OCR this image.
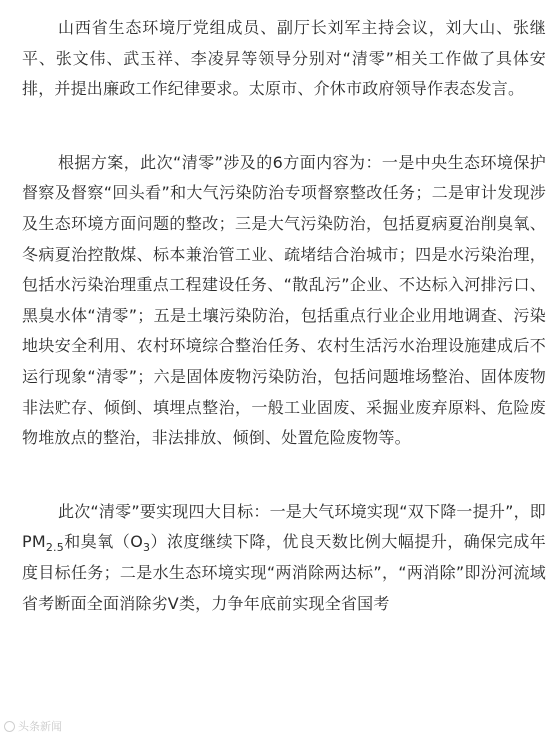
山西省生态环境厅党组成员、副厅长刘军主持会议，刘大山、张继平、张文伟、武玉祥、李凌昇等领导分别对“清零”相关工作做了具体安排，并提出廉政工作纪律要求。太原市、介休市政府领导作表态发言。

根据方案，此次“清零”涉及的6方面内容为：一是中央生态环境保护督察及督察“回头看”和大气污染防治专项督察整改任务；二是审计发现涉及生态环境方面问题的整改；三是大气污染防治，包括夏病夏治削臭氧、冬病夏治控散煤、标本兼治管工业、疏堵结合治城市；四是水污染治理，包括水污染治理重点工程建设任务、“散乱污”企业、不达标入河排污口、黑臭水体“清零”；五是土壤污染防治，包括重点行业企业用地调查、污染地块安全利用、农村环境综合整治任务、农村生活污水治理设施建成后不运行现象“清零”；六是固体废物污染防治，包括问题堆场整治、固体废物非法贮存、倾倒、填埋点整治，一般工业固废、采掘业废弃原料、危险废物堆放点的整治，非法排放、倾倒、处置危险废物等。

此次“清零”要实现四大目标：一是大气环境实现“双下降一提升”，即$PM_{2.5}$和臭氧$(O_3)$浓度继续下降，优良天数比例大幅提升，确保完成年度目标任务；二是水生态环境实现“两消除两达标”，“两消除”即汾河流域省考断面全面消除劣Ⅴ类，力争年底前实现全省国考

头条新闻
